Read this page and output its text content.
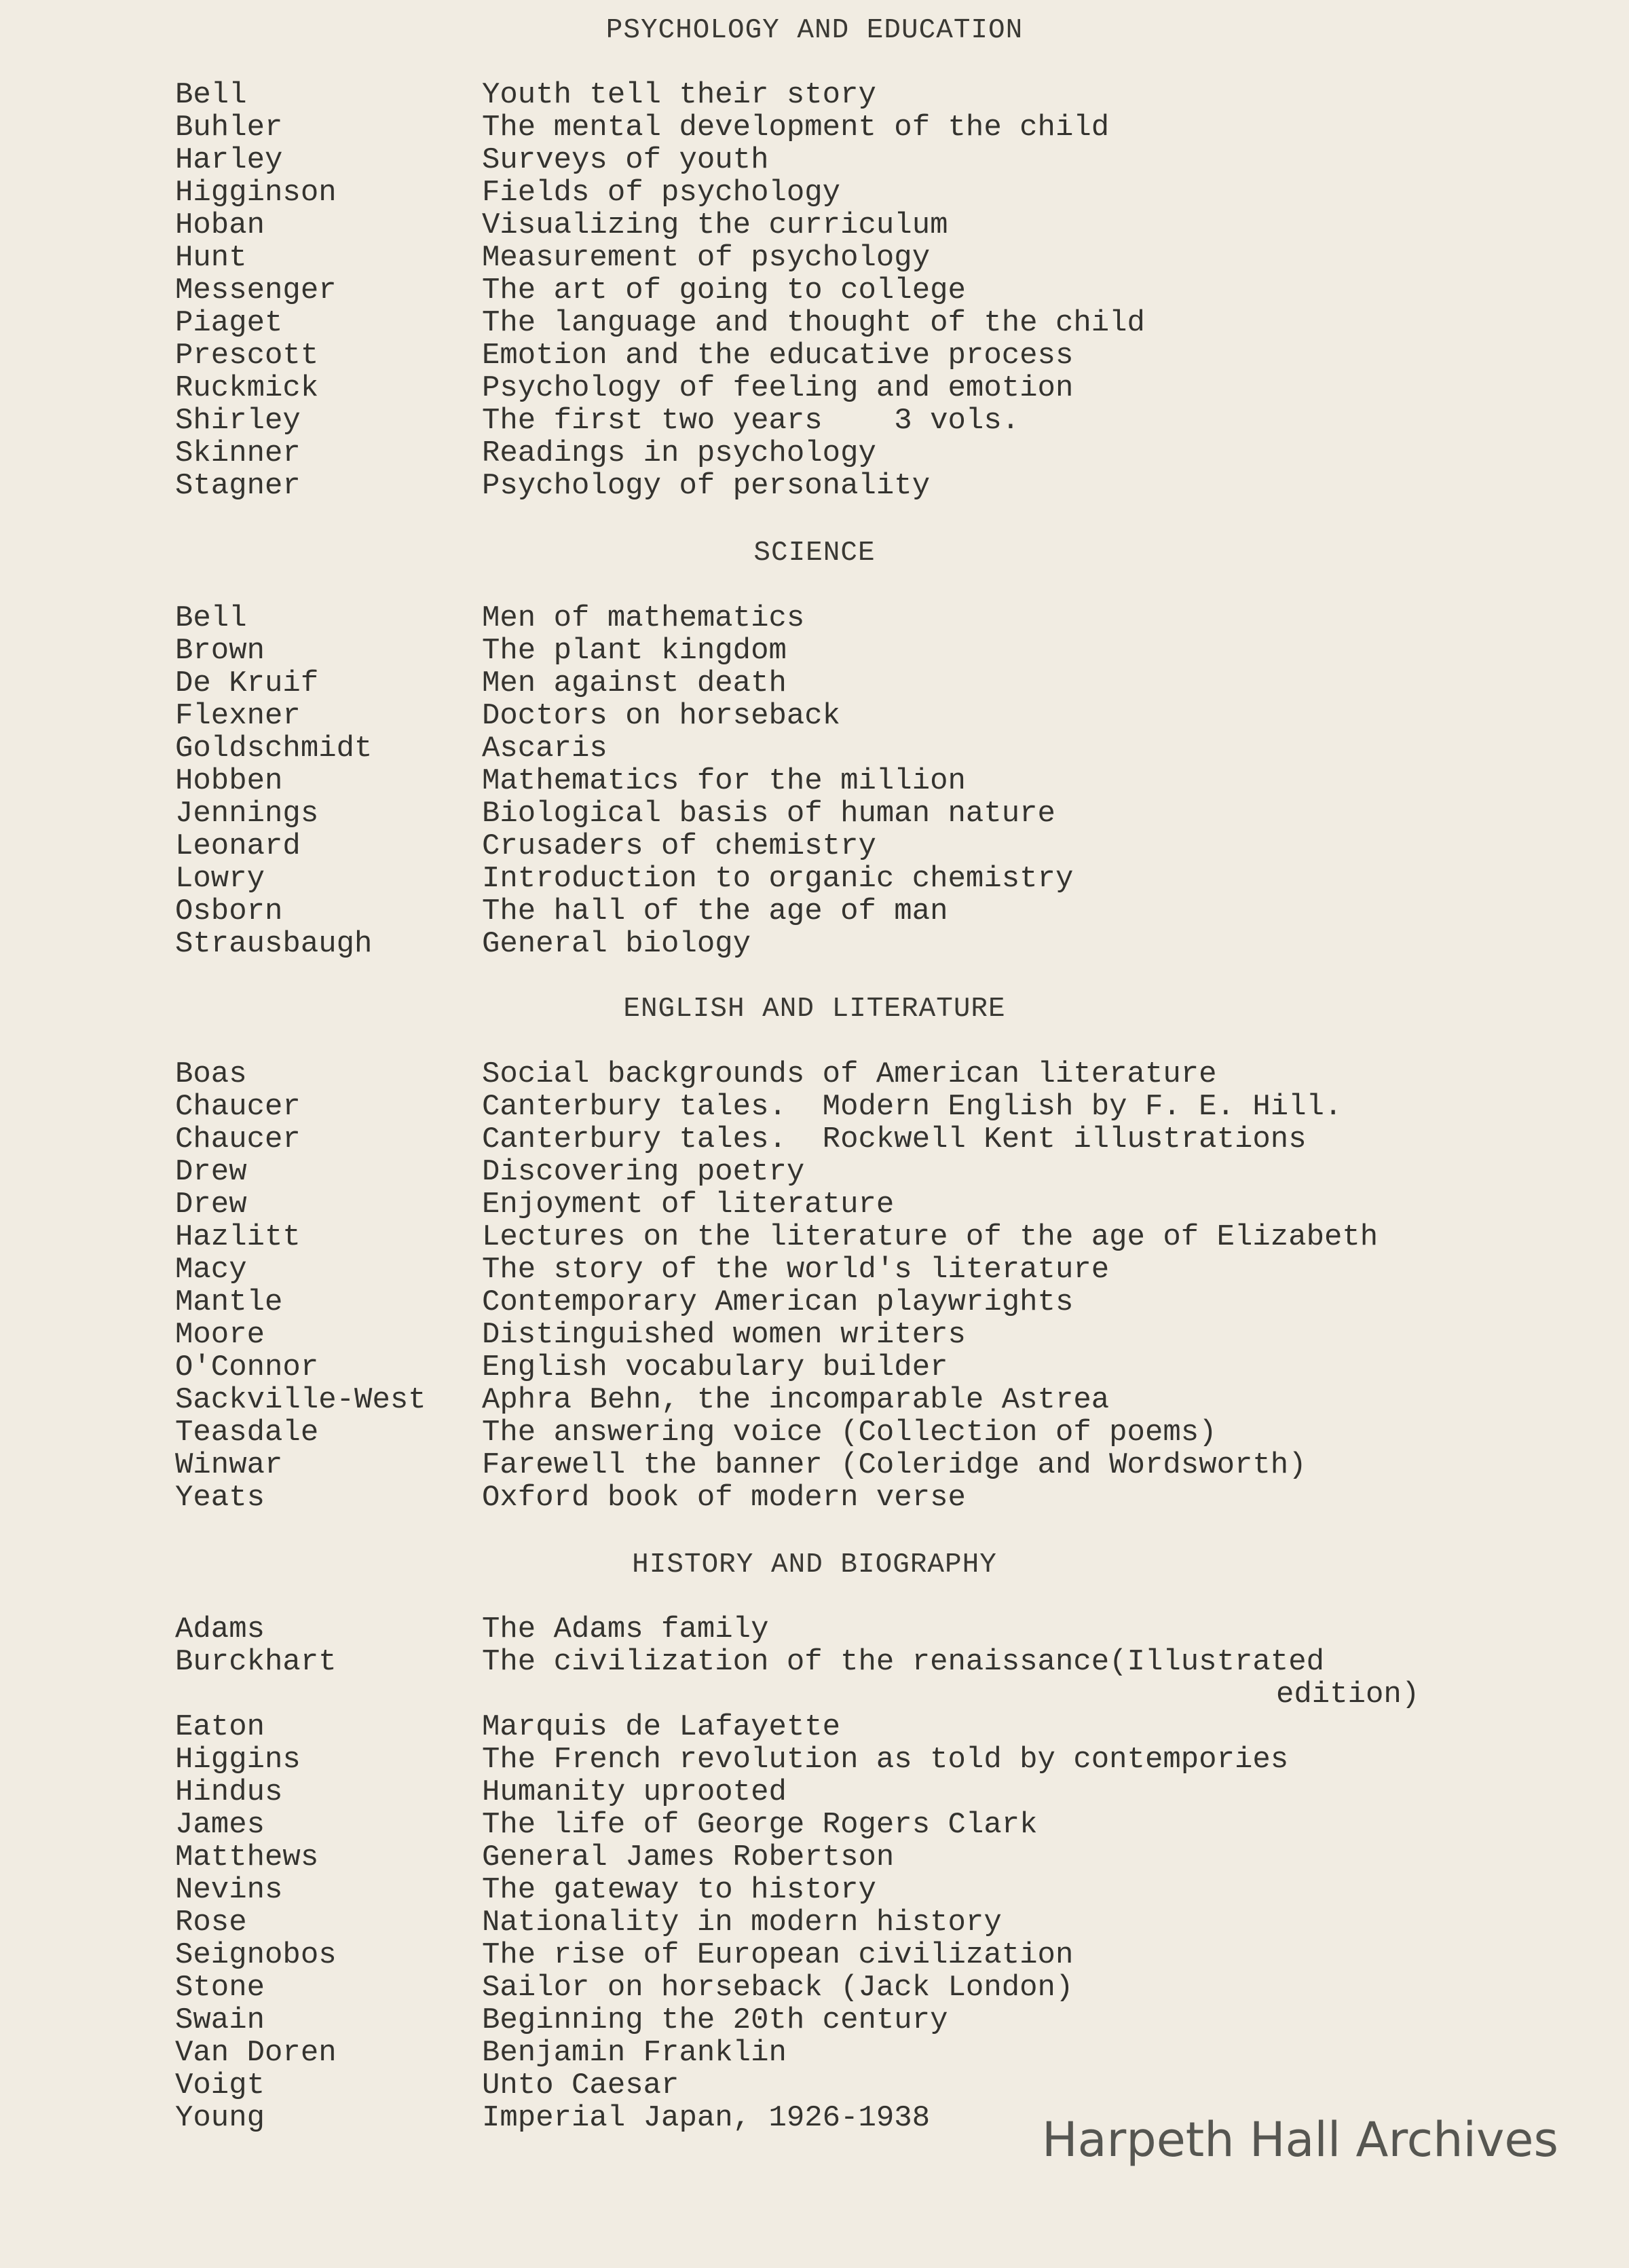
PSYCHOLOGY AND EDUCATION
Bell	Youth tell their story
Buhler	The mental development of the child
Harley	Surveys of youth
Higginson	Fields of psychology
Hoban	Visualizing the curriculum
Hunt	Measurement of psychology
Messenger	The art of going to college
Piaget	The language and thought of the child
Prescott	Emotion and the educative process
Ruckmick	Psychology of feeling and emotion
Shirley	The first two years    3 vols.
Skinner	Readings in psychology
Stagner	Psychology of personality
SCIENCE
Bell	Men of mathematics
Brown	The plant kingdom
De Kruif	Men against death
Flexner	Doctors on horseback
Goldschmidt	Ascaris
Hobben	Mathematics for the million
Jennings	Biological basis of human nature
Leonard	Crusaders of chemistry
Lowry	Introduction to organic chemistry
Osborn	The hall of the age of man
Strausbaugh	General biology
ENGLISH AND LITERATURE
Boas	Social backgrounds of American literature
Chaucer	Canterbury tales.  Modern English by F. E. Hill.
Chaucer	Canterbury tales.  Rockwell Kent illustrations
Drew	Discovering poetry
Drew	Enjoyment of literature
Hazlitt	Lectures on the literature of the age of Elizabeth
Macy	The story of the world's literature
Mantle	Contemporary American playwrights
Moore	Distinguished women writers
O'Connor	English vocabulary builder
Sackville-West Aphra Behn, the incomparable Astrea
Teasdale	The answering voice (Collection of poems)
Winwar	Farewell the banner (Coleridge and Wordsworth)
Yeats	Oxford book of modern verse
HISTORY AND BIOGRAPHY
Adams	The Adams family
Burckhart	The civilization of the renaissance(Illustrated
edition)
Eaton	Marquis de Lafayette
Higgins	The French revolution as told by contempories
Hindus	Humanity uprooted
James	The life of George Rogers Clark
Matthews	General James Robertson
Nevins	The gateway to history
Rose	Nationality in modern history
Seignobos	The rise of European civilization
Stone	Sailor on horseback (Jack London)
Swain	Beginning the 20th century
Van Doren	Benjamin Franklin
Voigt	Unto Caesar
Young	Imperial Japan, 1926-1938 Harpeth Hall Archives
